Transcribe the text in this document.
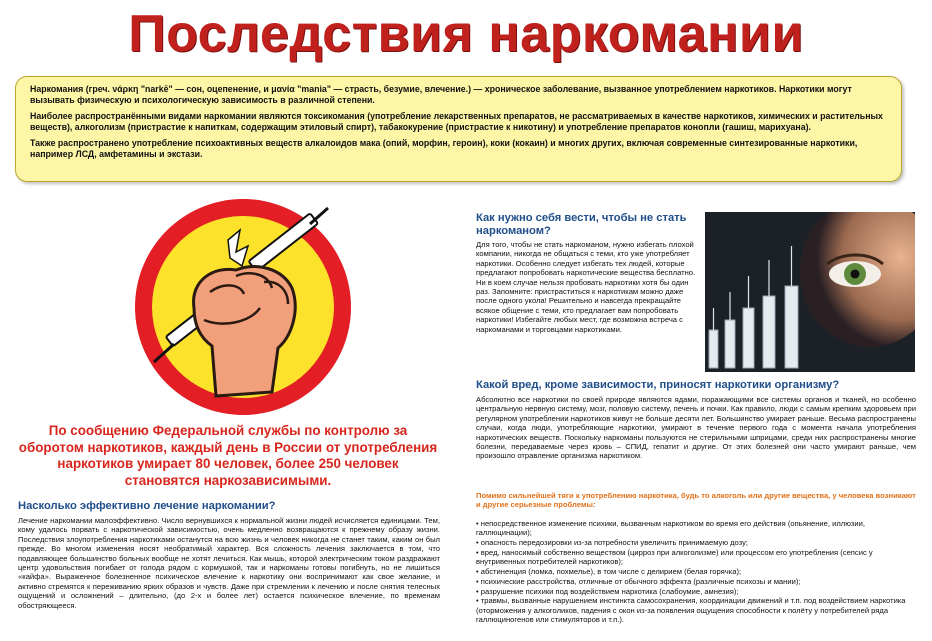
Последствия наркомании

Наркомания (греч. νάρκη "narkē" — сон, оцепенение, и μανία "mania" — страсть, безумие, влечение.) — хроническое заболевание, вызванное употреблением наркотиков. Наркотики могут вызывать физическую и психологическую зависимость в различной степени.

Наиболее распространёнными видами наркомании являются токсикомания (употребление лекарственных препаратов, не рассматриваемых в качестве наркотиков, химических и растительных веществ), алкоголизм (пристрастие к напиткам, содержащим этиловый спирт), табакокурение (пристрастие к никотину) и употребление препаратов конопли (гашиш, марихуана).

Также распространено употребление психоактивных веществ алкалоидов мака (опий, морфин, героин), коки (кокаин) и многих других, включая современные синтезированные наркотики, например ЛСД, амфетамины и экстази.

По сообщению Федеральной службы по контролю за оборотом наркотиков, каждый день в России от употребления наркотиков умирает 80 человек, более 250 человек становятся наркозависимыми.
Насколько эффективно лечение наркомании?

Лечение наркомании малоэффективно. Число вернувшихся к нормальной жизни людей исчисляется единицами. Тем, кому удалось порвать с наркотической зависимостью, очень медленно возвращаются к прежнему образу жизни. Последствия злоупотребления наркотиками останутся на всю жизнь и человек никогда не станет таким, каким он был прежде. Во многом изменения носят необратимый характер. Вся сложность лечения заключается в том, что подавляющее большинство больных вообще не хотят лечиться. Как мышь, которой электрическим током раздражают центр удовольствия погибает от голода рядом с кормушкой, так и наркоманы готовы погибнуть, но не лишиться «кайфа». Выраженное болезненное психическое влечение к наркотику они воспринимают как свое желание, и активно стремятся к переживанию ярких образов и чувств. Даже при стремлении к лечению и после снятия телесных ощущений и осложнений – длительно, (до 2-х и более лет) остается психическое влечение, по временам обостряющееся.

Как нужно себя вести, чтобы не стать наркоманом?

Для того, чтобы не стать наркоманом, нужно избегать плохой компании, никогда не общаться с теми, кто уже употребляет наркотики. Особенно следует избегать тех людей, которые предлагают попробовать наркотические вещества бесплатно. Ни в коем случае нельзя пробовать наркотики хотя бы один раз. Запомните: пристраститься к наркотикам можно даже после одного укола! Решительно и навсегда прекращайте всякое общение с теми, кто предлагает вам попробовать наркотики! Избегайте любых мест, где возможна встреча с наркоманами и торговцами наркотиками.

Какой вред, кроме зависимости, приносят наркотики организму?

Абсолютно все наркотики по своей природе являются ядами, поражающими все системы органов и тканей, но особенно центральную нервную систему, мозг, половую систему, печень и почки. Как правило, люди с самым крепким здоровьем при регулярном употреблении наркотиков живут не больше десяти лет. Большинство умирает раньше. Весьма распространены случаи, когда люди, употребляющие наркотики, умирают в течение первого года с момента начала употребления наркотических веществ. Поскольку наркоманы пользуются не стерильными шприцами, среди них распространены многие болезни, передаваемые через кровь – СПИД, гепатит и другие. От этих болезней они часто умирают раньше, чем произошло отравление организма наркотиком.

Помимо сильнейшей тяги к употреблению наркотика, будь то алкоголь или другие вещества, у человека возникают и другие серьезные проблемы:
• непосредственное изменение психики, вызванным наркотиком во время его действия (опьянение, иллюзии, галлюцинации);
• опасность передозировки из-за потребности увеличить принимаемую дозу;
• вред, наносимый собственно веществом (цирроз при алкоголизме) или процессом его употребления (сепсис у внутривенных потребителей наркотиков);
• абстиненция (ломка, похмелье), в том числе с делирием (белая горячка);
• психические расстройства, отличные от обычного эффекта (различные психозы и мании);
• разрушение психики под воздействием наркотика (слабоумие, амнезия);
• травмы, вызванные нарушением инстинкта самосохранения, координации движений и т.п. под воздействием наркотика (оторможения у алкоголиков, падения с окон из-за появления ощущения способности к полёту у потребителей ряда галлюциногенов или стимуляторов и т.п.).
